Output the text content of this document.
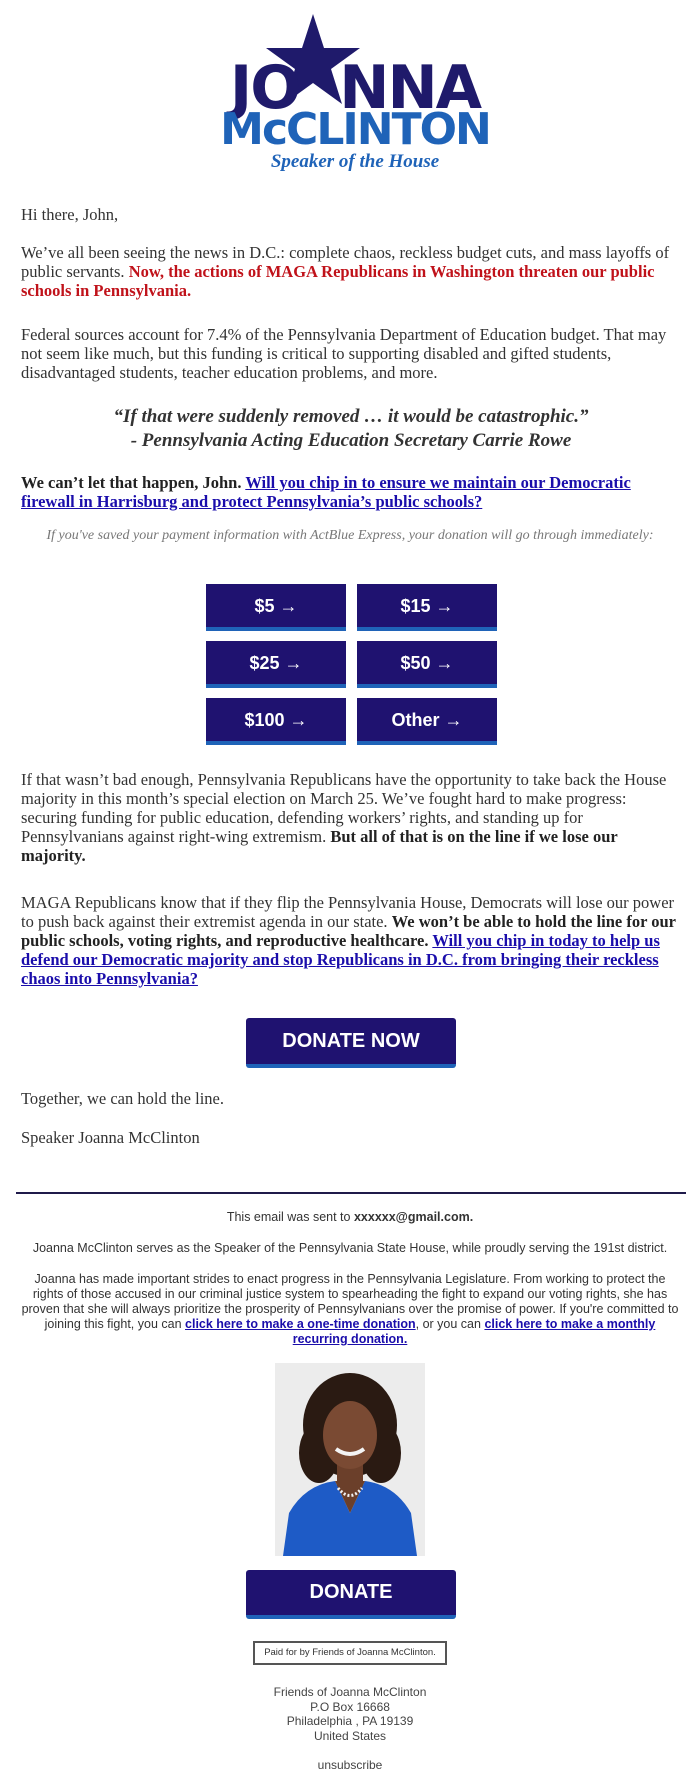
JO NNA
McCLINTON
Speaker of the House
Hi there, John,
We’ve all been seeing the news in D.C.: complete chaos, reckless budget cuts, and mass layoffs of public servants. Now, the actions of MAGA Republicans in Washington threaten our public schools in Pennsylvania.
Federal sources account for 7.4% of the Pennsylvania Department of Education budget. That may not seem like much, but this funding is critical to supporting disabled and gifted students, disadvantaged students, teacher education problems, and more.
“If that were suddenly removed … it would be catastrophic.”
- Pennsylvania Acting Education Secretary Carrie Rowe
We can’t let that happen, John. Will you chip in to ensure we maintain our Democratic firewall in Harrisburg and protect Pennsylvania’s public schools?
If you've saved your payment information with ActBlue Express, your donation will go through immediately:
$5 →	$15 →
$25 →	$50 →
$100 →	Other →
If that wasn’t bad enough, Pennsylvania Republicans have the opportunity to take back the House majority in this month’s special election on March 25. We’ve fought hard to make progress: securing funding for public education, defending workers’ rights, and standing up for Pennsylvanians against right-wing extremism. But all of that is on the line if we lose our majority.
MAGA Republicans know that if they flip the Pennsylvania House, Democrats will lose our power to push back against their extremist agenda in our state. We won’t be able to hold the line for our public schools, voting rights, and reproductive healthcare. Will you chip in today to help us defend our Democratic majority and stop Republicans in D.C. from bringing their reckless chaos into Pennsylvania?
DONATE NOW
Together, we can hold the line.
Speaker Joanna McClinton
This email was sent to xxxxxx@gmail.com.
Joanna McClinton serves as the Speaker of the Pennsylvania State House, while proudly serving the 191st district.
Joanna has made important strides to enact progress in the Pennsylvania Legislature. From working to protect the rights of those accused in our criminal justice system to spearheading the fight to expand our voting rights, she has proven that she will always prioritize the prosperity of Pennsylvanians over the promise of power. If you're committed to joining this fight, you can click here to make a one-time donation, or you can click here to make a monthly recurring donation.
DONATE
Paid for by Friends of Joanna McClinton.
Friends of Joanna McClinton
P.O Box 16668
Philadelphia , PA 19139
United States
unsubscribe
